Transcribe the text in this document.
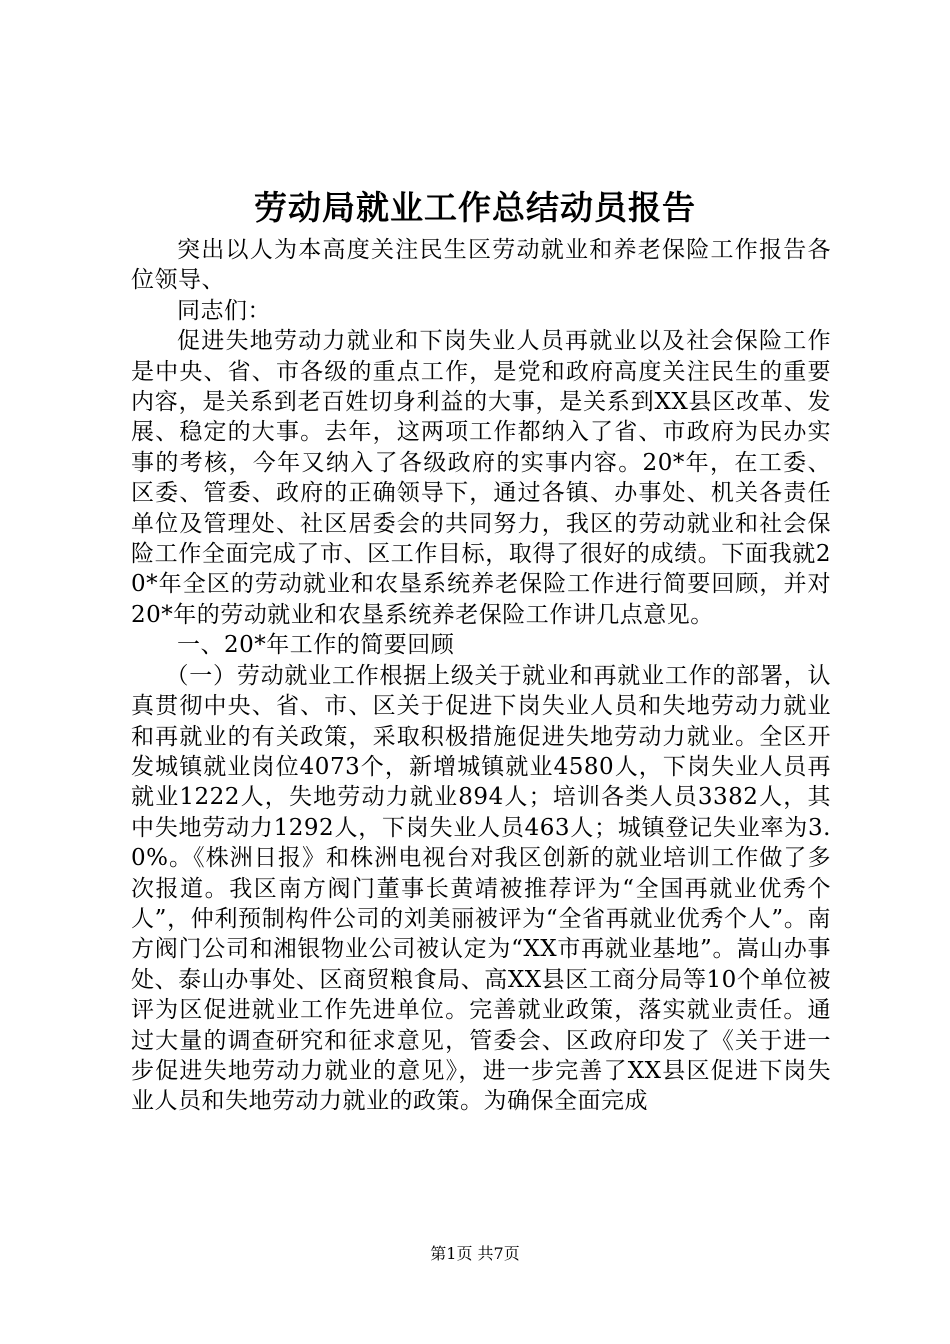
劳动局就业工作总结动员报告

突出以人为本高度关注民生区劳动就业和养老保险工作报告各位领导、

同志们：

促进失地劳动力就业和下岗失业人员再就业以及社会保险工作是中央、省、市各级的重点工作，是党和政府高度关注民生的重要内容，是关系到老百姓切身利益的大事，是关系到XX县区改革、发展、稳定的大事。去年，这两项工作都纳入了省、市政府为民办实事的考核，今年又纳入了各级政府的实事内容。20*年，在工委、区委、管委、政府的正确领导下，通过各镇、办事处、机关各责任单位及管理处、社区居委会的共同努力，我区的劳动就业和社会保险工作全面完成了市、区工作目标，取得了很好的成绩。下面我就20*年全区的劳动就业和农垦系统养老保险工作进行简要回顾，并对20*年的劳动就业和农垦系统养老保险工作讲几点意见。

一、20*年工作的简要回顾

（一）劳动就业工作根据上级关于就业和再就业工作的部署，认真贯彻中央、省、市、区关于促进下岗失业人员和失地劳动力就业和再就业的有关政策，采取积极措施促进失地劳动力就业。全区开发城镇就业岗位4073个，新增城镇就业4580人，下岗失业人员再就业1222人，失地劳动力就业894人；培训各类人员3382人，其中失地劳动力1292人，下岗失业人员463人；城镇登记失业率为3.0%。《株洲日报》和株洲电视台对我区创新的就业培训工作做了多次报道。我区南方阀门董事长黄靖被推荐评为“全国再就业优秀个人”，仲利预制构件公司的刘美丽被评为“全省再就业优秀个人”。南方阀门公司和湘银物业公司被认定为“XX市再就业基地”。嵩山办事处、泰山办事处、区商贸粮食局、高XX县区工商分局等10个单位被评为区促进就业工作先进单位。完善就业政策，落实就业责任。通过大量的调查研究和征求意见，管委会、区政府印发了《关于进一步促进失地劳动力就业的意见》，进一步完善了XX县区促进下岗失业人员和失地劳动力就业的政策。为确保全面完成

第1页 共7页
